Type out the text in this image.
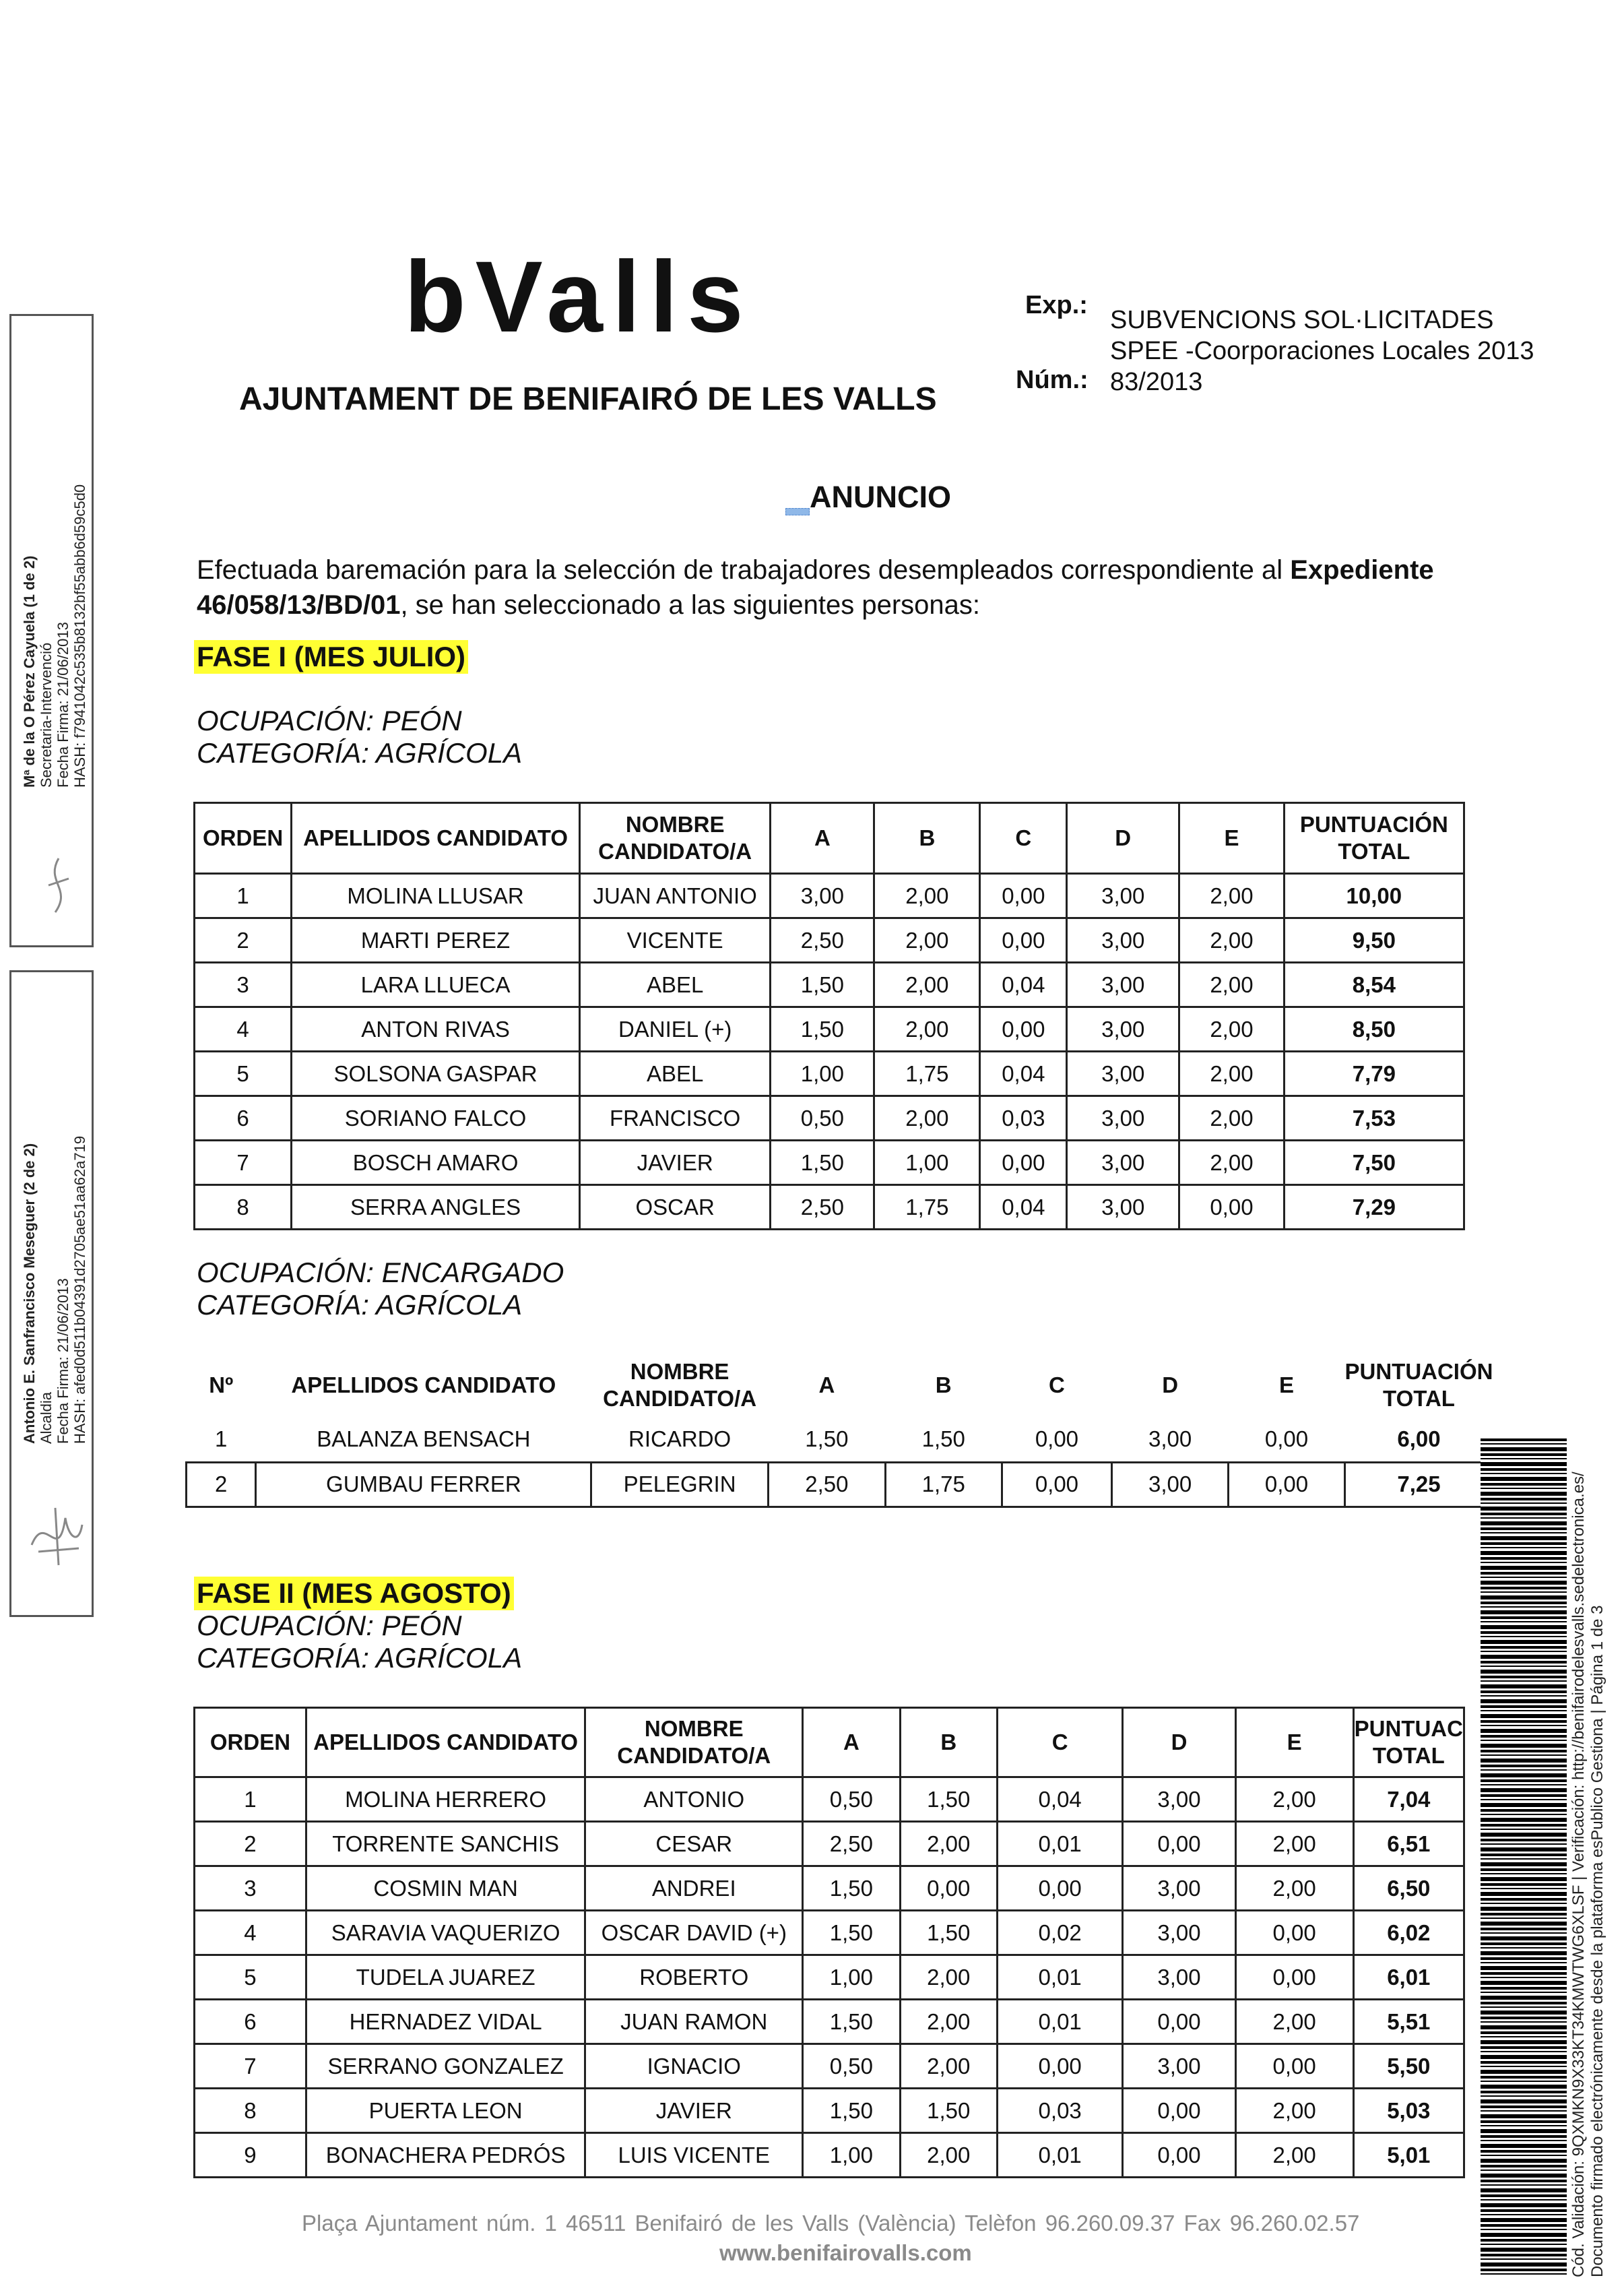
Mª de la O Pérez Cayuela (1 de 2) Secretaria-Intervenció Fecha Firma: 21/06/2013 HASH: f7941042c535b8132bf55abb6d59c5d0
Antonio E. Sanfrancisco Meseguer (2 de 2) Alcaldia Fecha Firma: 21/06/2013 HASH: afed0d511b04391d2705ae51aa62a719
bValls
AJUNTAMENT DE BENIFAIRÓ DE LES VALLS
Exp.:
Núm.:
SUBVENCIONS SOL·LICITADES
SPEE -Coorporaciones Locales 2013
83/2013
ANUNCIO
Efectuada baremación para la selección de trabajadores desempleados correspondiente al Expediente 46/058/13/BD/01, se han seleccionado a las siguientes personas:
FASE I (MES JULIO)
OCUPACIÓN: PEÓN
CATEGORÍA: AGRÍCOLA
ORDEN	APELLIDOS CANDIDATO	NOMBRE CANDIDATO/A	A	B	C	D	E	PUNTUACIÓN TOTAL
1	MOLINA LLUSAR	JUAN ANTONIO	3,00	2,00	0,00	3,00	2,00	10,00
2	MARTI PEREZ	VICENTE	2,50	2,00	0,00	3,00	2,00	9,50
3	LARA LLUECA	ABEL	1,50	2,00	0,04	3,00	2,00	8,54
4	ANTON RIVAS	DANIEL (+)	1,50	2,00	0,00	3,00	2,00	8,50
5	SOLSONA GASPAR	ABEL	1,00	1,75	0,04	3,00	2,00	7,79
6	SORIANO FALCO	FRANCISCO	0,50	2,00	0,03	3,00	2,00	7,53
7	BOSCH AMARO	JAVIER	1,50	1,00	0,00	3,00	2,00	7,50
8	SERRA ANGLES	OSCAR	2,50	1,75	0,04	3,00	0,00	7,29
OCUPACIÓN: ENCARGADO
CATEGORÍA: AGRÍCOLA
Nº	APELLIDOS CANDIDATO	NOMBRE CANDIDATO/A	A	B	C	D	E	PUNTUACIÓN TOTAL
1	BALANZA BENSACH	RICARDO	1,50	1,50	0,00	3,00	0,00	6,00
2	GUMBAU FERRER	PELEGRIN	2,50	1,75	0,00	3,00	0,00	7,25
FASE II (MES AGOSTO)
OCUPACIÓN: PEÓN
CATEGORÍA: AGRÍCOLA
ORDEN	APELLIDOS CANDIDATO	NOMBRE CANDIDATO/A	A	B	C	D	E	PUNTUAC TOTAL
1	MOLINA HERRERO	ANTONIO	0,50	1,50	0,04	3,00	2,00	7,04
2	TORRENTE SANCHIS	CESAR	2,50	2,00	0,01	0,00	2,00	6,51
3	COSMIN MAN	ANDREI	1,50	0,00	0,00	3,00	2,00	6,50
4	SARAVIA VAQUERIZO	OSCAR DAVID (+)	1,50	1,50	0,02	3,00	0,00	6,02
5	TUDELA JUAREZ	ROBERTO	1,00	2,00	0,01	3,00	0,00	6,01
6	HERNADEZ VIDAL	JUAN RAMON	1,50	2,00	0,01	0,00	2,00	5,51
7	SERRANO GONZALEZ	IGNACIO	0,50	2,00	0,00	3,00	0,00	5,50
8	PUERTA LEON	JAVIER	1,50	1,50	0,03	0,00	2,00	5,03
9	BONACHERA PEDRÓS	LUIS VICENTE	1,00	2,00	0,01	0,00	2,00	5,01	Cód. Validación: 9QXMKN9X33KT34KMWTWG6XLSF | Verificación: http://benifairodelesvalls.sedelectronica.es/ Documento firmado electrónicamente desde la plataforma esPublico Gestiona | Página 1 de 3
Plaça Ajuntament núm. 1 46511 Benifairó de les Valls (València) Telèfon 96.260.09.37 Fax 96.260.02.57
www.benifairovalls.com
